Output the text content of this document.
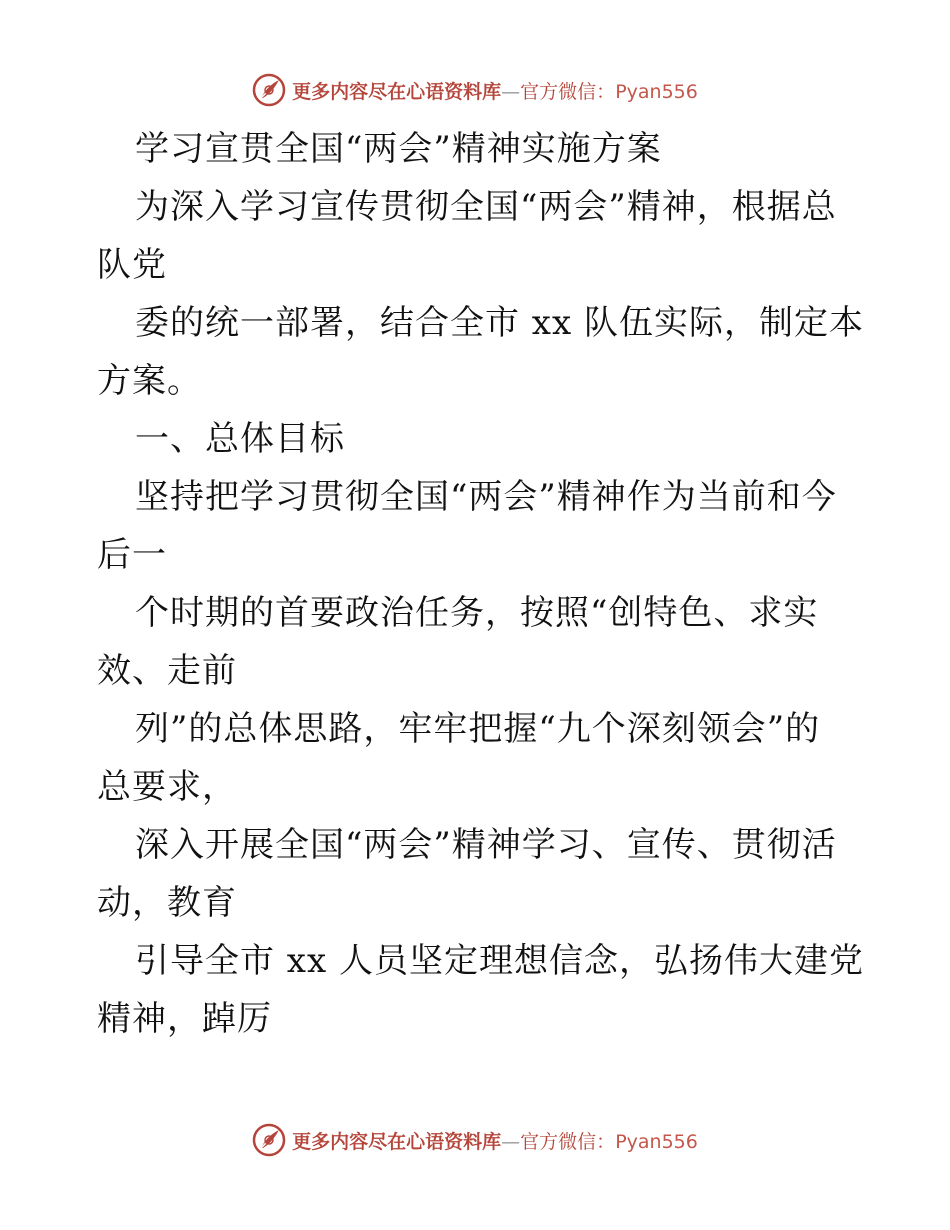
更多内容尽在心语资料库—官方微信：Pyan556
学习宣贯全国“两会”精神实施方案
为深入学习宣传贯彻全国“两会”精神，根据总
队党
委的统一部署，结合全市 xx 队伍实际，制定本
方案。
一、总体目标
坚持把学习贯彻全国“两会”精神作为当前和今
后一
个时期的首要政治任务，按照“创特色、求实
效、走前
列”的总体思路，牢牢把握“九个深刻领会”的
总要求，
深入开展全国“两会”精神学习、宣传、贯彻活
动，教育
引导全市 xx 人员坚定理想信念，弘扬伟大建党
精神，踔厉
更多内容尽在心语资料库—官方微信：Pyan556
